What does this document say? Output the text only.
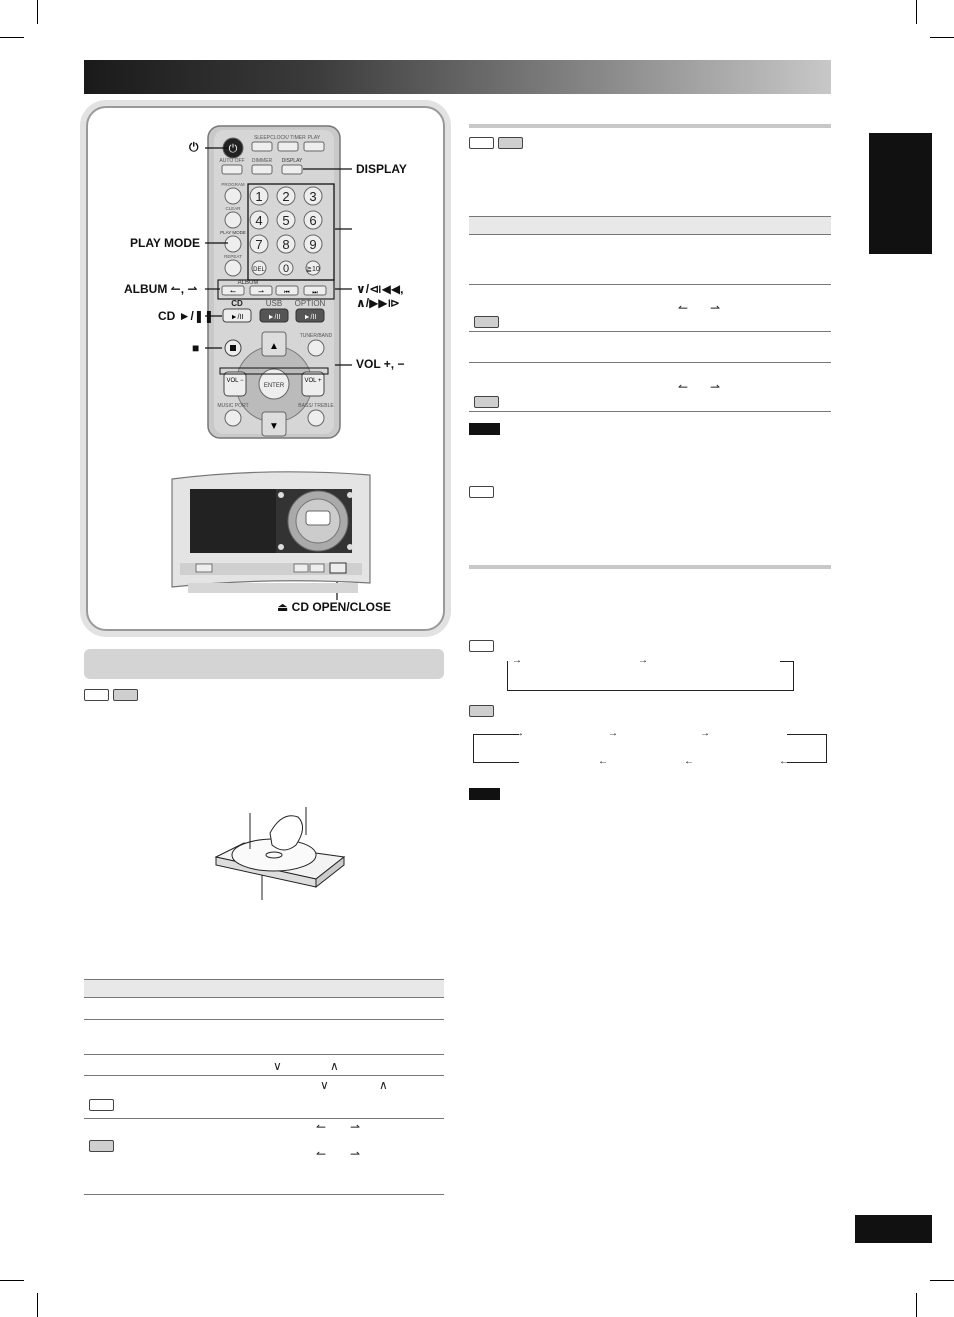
⏻
SLEEP CLOCK/ TIMER PLAY
AUTO OFF DIMMER DISPLAY
PROGRAM
CLEAR
PLAY MODE
REPEAT
1 2 3
4 5 6
7 8 9
DEL 0 ≧10
ALBUM
↼	⇀	⏮	⏭
CD	USB OPTION
►/II	►/II	►/II
TUNER/BAND
▲
▼
ENTER
VOL −	VOL +
MUSIC PORT	BASS/ TREBLE
⏻
DISPLAY
PLAY MODE
ALBUM ↼, ⇀
CD ►/❚❚
■
∨/⧏◀◀,
∧/▶▶⧐
VOL +, −
⏏ CD OPEN/CLOSE
∨	∧
∨	∧
↼ ⇀
↼ ⇀
↼ ⇀
↼ ⇀
→	→
→	→	→
←	←	←
